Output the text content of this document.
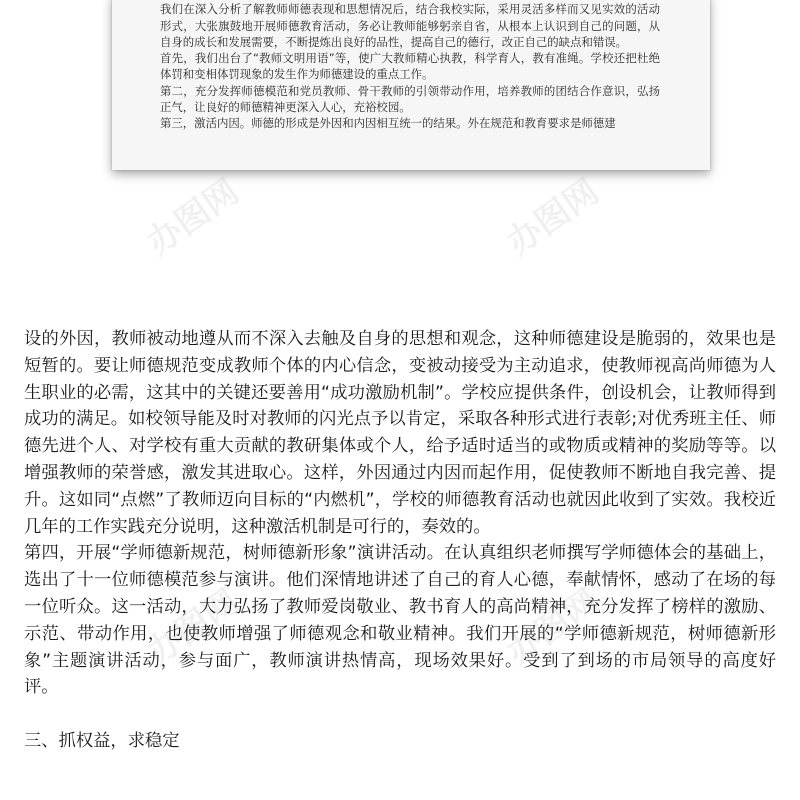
办图网	办图网
办图网	办图网

我们在深入分析了解教师师德表现和思想情况后，结合我校实际，采用灵活多样而又见实效的活动形式，大张旗鼓地开展师德教育活动，务必让教师能够躬亲自省，从根本上认识到自己的问题，从自身的成长和发展需要，不断提炼出良好的品性，提高自己的德行，改正自己的缺点和错误。

首先，我们出台了“教师文明用语”等，使广大教师精心执教，科学育人，教有准绳。学校还把杜绝体罚和变相体罚现象的发生作为师德建设的重点工作。

第二，充分发挥师德模范和党员教师、骨干教师的引领带动作用，培养教师的团结合作意识，弘扬正气，让良好的师德精神更深入人心，充裕校园。

第三，激活内因。师德的形成是外因和内因相互统一的结果。外在规范和教育要求是师德建

设的外因，教师被动地遵从而不深入去触及自身的思想和观念，这种师德建设是脆弱的，效果也是短暂的。要让师德规范变成教师个体的内心信念，变被动接受为主动追求，使教师视高尚师德为人生职业的必需，这其中的关键还要善用“成功激励机制”。学校应提供条件，创设机会，让教师得到成功的满足。如校领导能及时对教师的闪光点予以肯定，采取各种形式进行表彰;对优秀班主任、师德先进个人、对学校有重大贡献的教研集体或个人，给予适时适当的或物质或精神的奖励等等。以增强教师的荣誉感，激发其进取心。这样，外因通过内因而起作用，促使教师不断地自我完善、提升。这如同“点燃”了教师迈向目标的“内燃机”，学校的师德教育活动也就因此收到了实效。我校近几年的工作实践充分说明，这种激活机制是可行的，奏效的。

第四，开展“学师德新规范，树师德新形象”演讲活动。在认真组织老师撰写学师德体会的基础上，选出了十一位师德模范参与演讲。他们深情地讲述了自己的育人心德，奉献情怀，感动了在场的每一位听众。这一活动，大力弘扬了教师爱岗敬业、教书育人的高尚精神，充分发挥了榜样的激励、示范、带动作用，也使教师增强了师德观念和敬业精神。我们开展的“学师德新规范，树师德新形象”主题演讲活动，参与面广，教师演讲热情高，现场效果好。受到了到场的市局领导的高度好评。

三、抓权益，求稳定
